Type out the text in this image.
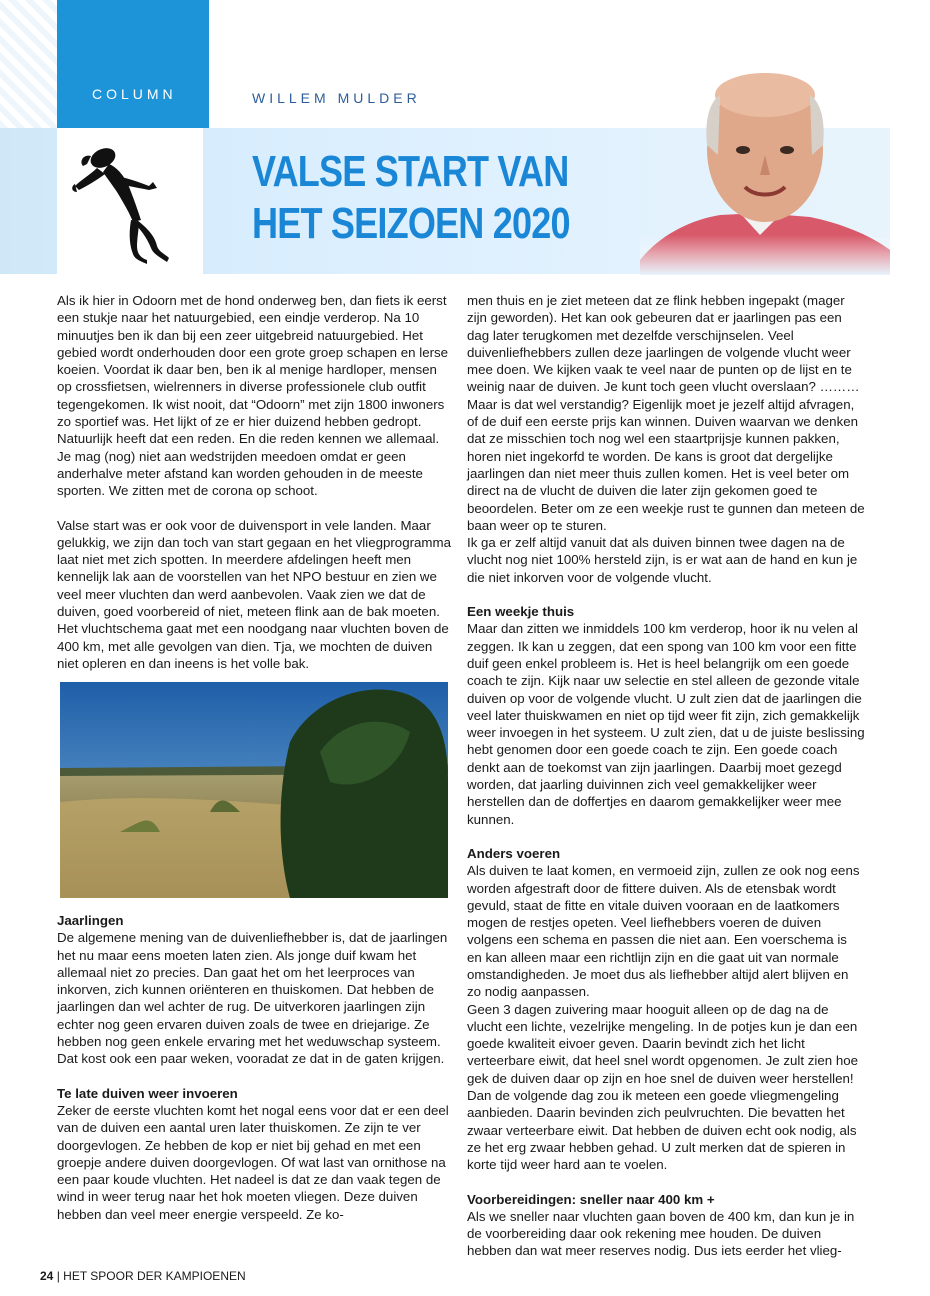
COLUMN	WILLEM MULDER
VALSE START VAN
HET SEIZOEN 2020

Als ik hier in Odoorn met de hond onderweg ben, dan fiets ik eerst een stukje naar het natuurgebied, een eindje verderop. Na 10 minuutjes ben ik dan bij een zeer uitgebreid natuurgebied. Het gebied wordt onderhouden door een grote groep schapen en lerse koeien. Voordat ik daar ben, ben ik al menige hardloper, mensen op crossfietsen, wielrenners in diverse professionele club outfit tegengekomen. Ik wist nooit, dat “Odoorn” met zijn 1800 inwoners zo sportief was. Het lijkt of ze er hier duizend hebben gedropt. Natuurlijk heeft dat een reden. En die reden kennen we allemaal. Je mag (nog) niet aan wedstrijden meedoen omdat er geen anderhalve meter afstand kan worden gehouden in de meeste sporten. We zitten met de corona op schoot.

Valse start was er ook voor de duivensport in vele landen. Maar gelukkig, we zijn dan toch van start gegaan en het vliegprogramma laat niet met zich spotten. In meerdere afdelingen heeft men kennelijk lak aan de voorstellen van het NPO bestuur en zien we veel meer vluchten dan werd aanbevolen. Vaak zien we dat de duiven, goed voorbereid of niet, meteen flink aan de bak moeten. Het vluchtschema gaat met een noodgang naar vluchten boven de 400 km, met alle gevolgen van dien. Tja, we mochten de duiven niet opleren en dan ineens is het volle bak.

Jaarlingen

De algemene mening van de duivenliefhebber is, dat de jaarlingen het nu maar eens moeten laten zien. Als jonge duif kwam het allemaal niet zo precies. Dan gaat het om het leerproces van inkorven, zich kunnen oriënteren en thuiskomen. Dat hebben de jaarlingen dan wel achter de rug. De uitverkoren jaarlingen zijn echter nog geen ervaren duiven zoals de twee en driejarige. Ze hebben nog geen enkele ervaring met het weduwschap systeem. Dat kost ook een paar weken, vooradat ze dat in de gaten krijgen.

Te late duiven weer invoeren

Zeker de eerste vluchten komt het nogal eens voor dat er een deel van de duiven een aantal uren later thuiskomen. Ze zijn te ver doorgevlogen. Ze hebben de kop er niet bij gehad en met een groepje andere duiven doorgevlogen. Of wat last van ornithose na een paar koude vluchten. Het nadeel is dat ze dan vaak tegen de wind in weer terug naar het hok moeten vliegen. Deze duiven hebben dan veel meer energie verspeeld. Ze ko-

men thuis en je ziet meteen dat ze flink hebben ingepakt (mager zijn geworden). Het kan ook gebeuren dat er jaarlingen pas een dag later terugkomen met dezelfde verschijnselen. Veel duivenliefhebbers zullen deze jaarlingen de volgende vlucht weer mee doen. We kijken vaak te veel naar de punten op de lijst en te weinig naar de duiven. Je kunt toch geen vlucht overslaan? ………Maar is dat wel verstandig? Eigenlijk moet je jezelf altijd afvragen, of de duif een eerste prijs kan winnen. Duiven waarvan we denken dat ze misschien toch nog wel een staartprijsje kunnen pakken, horen niet ingekorfd te worden. De kans is groot dat dergelijke jaarlingen dan niet meer thuis zullen komen. Het is veel beter om direct na de vlucht de duiven die later zijn gekomen goed te beoordelen. Beter om ze een weekje rust te gunnen dan meteen de baan weer op te sturen.

Ik ga er zelf altijd vanuit dat als duiven binnen twee dagen na de vlucht nog niet 100% hersteld zijn, is er wat aan de hand en kun je die niet inkorven voor de volgende vlucht.

Een weekje thuis

Maar dan zitten we inmiddels 100 km verderop, hoor ik nu velen al zeggen. Ik kan u zeggen, dat een spong van 100 km voor een fitte duif geen enkel probleem is. Het is heel belangrijk om een goede coach te zijn. Kijk naar uw selectie en stel alleen de gezonde vitale duiven op voor de volgende vlucht. U zult zien dat de jaarlingen die veel later thuiskwamen en niet op tijd weer fit zijn, zich gemakkelijk weer invoegen in het systeem. U zult zien, dat u de juiste beslissing hebt genomen door een goede coach te zijn. Een goede coach denkt aan de toekomst van zijn jaarlingen. Daarbij moet gezegd worden, dat jaarling duivinnen zich veel gemakkelijker weer herstellen dan de doffertjes en daarom gemakkelijker weer mee kunnen.

Anders voeren

Als duiven te laat komen, en vermoeid zijn, zullen ze ook nog eens worden afgestraft door de fittere duiven. Als de etensbak wordt gevuld, staat de fitte en vitale duiven vooraan en de laatkomers mogen de restjes opeten. Veel liefhebbers voeren de duiven volgens een schema en passen die niet aan. Een voerschema is en kan alleen maar een richtlijn zijn en die gaat uit van normale omstandigheden. Je moet dus als liefhebber altijd alert blijven en zo nodig aanpassen.

Geen 3 dagen zuivering maar hooguit alleen op de dag na de vlucht een lichte, vezelrijke mengeling. In de potjes kun je dan een goede kwaliteit eivoer geven. Daarin bevindt zich het licht verteerbare eiwit, dat heel snel wordt opgenomen. Je zult zien hoe gek de duiven daar op zijn en hoe snel de duiven weer herstellen! Dan de volgende dag zou ik meteen een goede vliegmengeling aanbieden. Daarin bevinden zich peulvruchten. Die bevatten het zwaar verteerbare eiwit. Dat hebben de duiven echt ook nodig, als ze het erg zwaar hebben gehad. U zult merken dat de spieren in korte tijd weer hard aan te voelen.

Voorbereidingen: sneller naar 400 km +

Als we sneller naar vluchten gaan boven de 400 km, dan kun je in de voorbereiding daar ook rekening mee houden. De duiven hebben dan wat meer reserves nodig. Dus iets eerder het vlieg-

24 | HET SPOOR DER KAMPIOENEN
